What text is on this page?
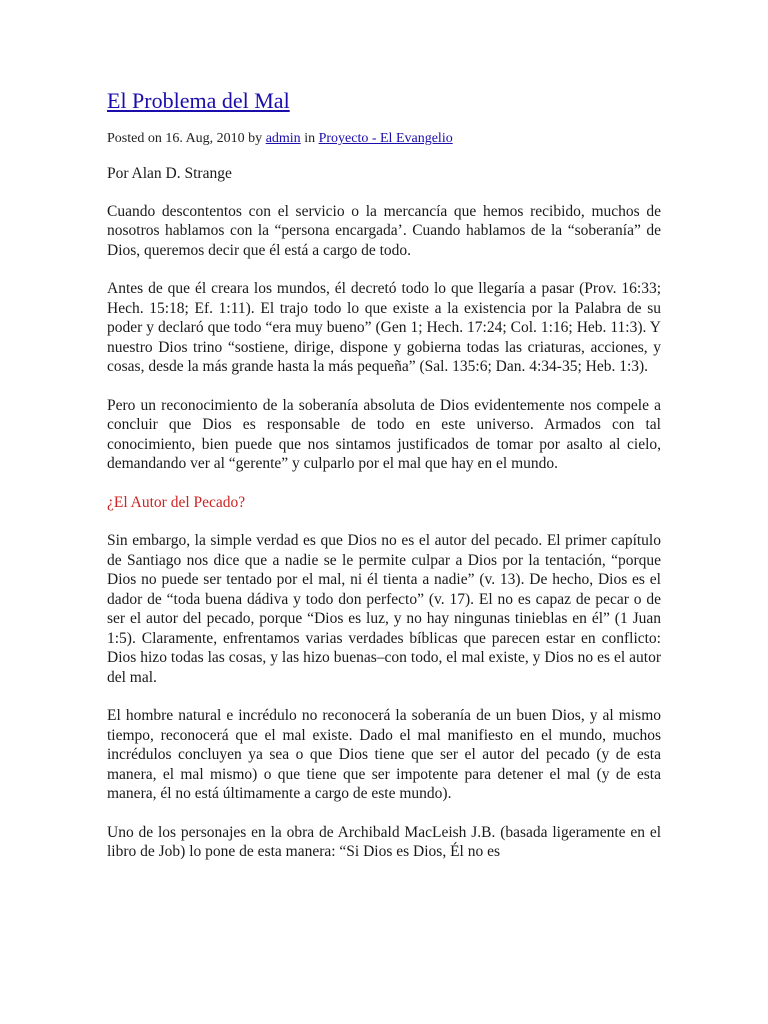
El Problema del Mal
Posted on 16. Aug, 2010 by admin in Proyecto - El Evangelio

Por Alan D. Strange

Cuando descontentos con el servicio o la mercancía que hemos recibido, muchos de nosotros hablamos con la “persona encargada’. Cuando hablamos de la “soberanía” de Dios, queremos decir que él está a cargo de todo.

Antes de que él creara los mundos, él decretó todo lo que llegaría a pasar (Prov. 16:33; Hech. 15:18; Ef. 1:11). El trajo todo lo que existe a la existencia por la Palabra de su poder y declaró que todo “era muy bueno” (Gen 1; Hech. 17:24; Col. 1:16; Heb. 11:3). Y nuestro Dios trino “sostiene, dirige, dispone y gobierna todas las criaturas, acciones, y cosas, desde la más grande hasta la más pequeña” (Sal. 135:6; Dan. 4:34-35; Heb. 1:3).

Pero un reconocimiento de la soberanía absoluta de Dios evidentemente nos compele a concluir que Dios es responsable de todo en este universo. Armados con tal conocimiento, bien puede que nos sintamos justificados de tomar por asalto al cielo, demandando ver al “gerente” y culparlo por el mal que hay en el mundo.

¿El Autor del Pecado?

Sin embargo, la simple verdad es que Dios no es el autor del pecado. El primer capítulo de Santiago nos dice que a nadie se le permite culpar a Dios por la tentación, “porque Dios no puede ser tentado por el mal, ni él tienta a nadie” (v. 13). De hecho, Dios es el dador de “toda buena dádiva y todo don perfecto” (v. 17). El no es capaz de pecar o de ser el autor del pecado, porque “Dios es luz, y no hay ningunas tinieblas en él” (1 Juan 1:5). Claramente, enfrentamos varias verdades bíblicas que parecen estar en conflicto: Dios hizo todas las cosas, y las hizo buenas–con todo, el mal existe, y Dios no es el autor del mal.

El hombre natural e incrédulo no reconocerá la soberanía de un buen Dios, y al mismo tiempo, reconocerá que el mal existe. Dado el mal manifiesto en el mundo, muchos incrédulos concluyen ya sea o que Dios tiene que ser el autor del pecado (y de esta manera, el mal mismo) o que tiene que ser impotente para detener el mal (y de esta manera, él no está últimamente a cargo de este mundo).

Uno de los personajes en la obra de Archibald MacLeish J.B. (basada ligeramente en el libro de Job) lo pone de esta manera: “Si Dios es Dios, Él no es
